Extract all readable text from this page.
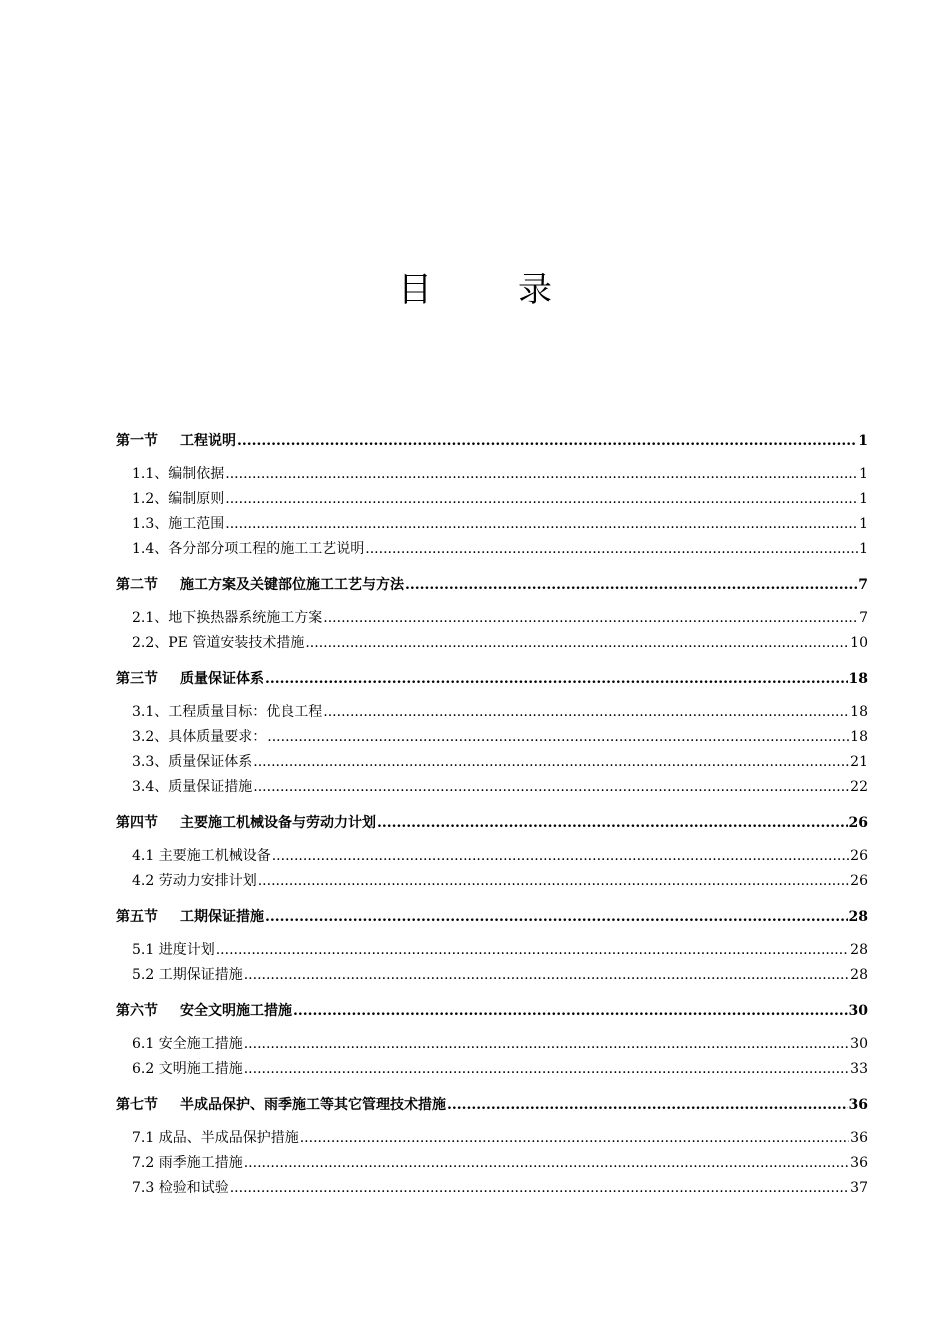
目	录
第一节	工程说明 .....	1
1.1、编制依据 .....	1
1.2、编制原则 .....	1
1.3、施工范围 .....	1
1.4、各分部分项工程的施工工艺说明 .....	1
第二节	施工方案及关键部位施工工艺与方法 .....	7
2.1、地下换热器系统施工方案 .....	7
2.2、PE 管道安装技术措施 .....	10
第三节	质量保证体系 .....	18
3.1、工程质量目标：优良工程 .....	18
3.2、具体质量要求： .....	18
3.3、质量保证体系 .....	21
3.4、质量保证措施 .....	22
第四节	主要施工机械设备与劳动力计划 .....	26
4.1 主要施工机械设备 .....	26
4.2 劳动力安排计划 .....	26
第五节	工期保证措施 .....	28
5.1 进度计划 .....	28
5.2 工期保证措施 .....	28
第六节	安全文明施工措施 .....	30
6.1 安全施工措施 .....	30
6.2 文明施工措施 .....	33
第七节	半成品保护、雨季施工等其它管理技术措施 .....	36
7.1 成品、半成品保护措施 .....	36
7.2 雨季施工措施 .....	36
7.3 检验和试验 .....	37
